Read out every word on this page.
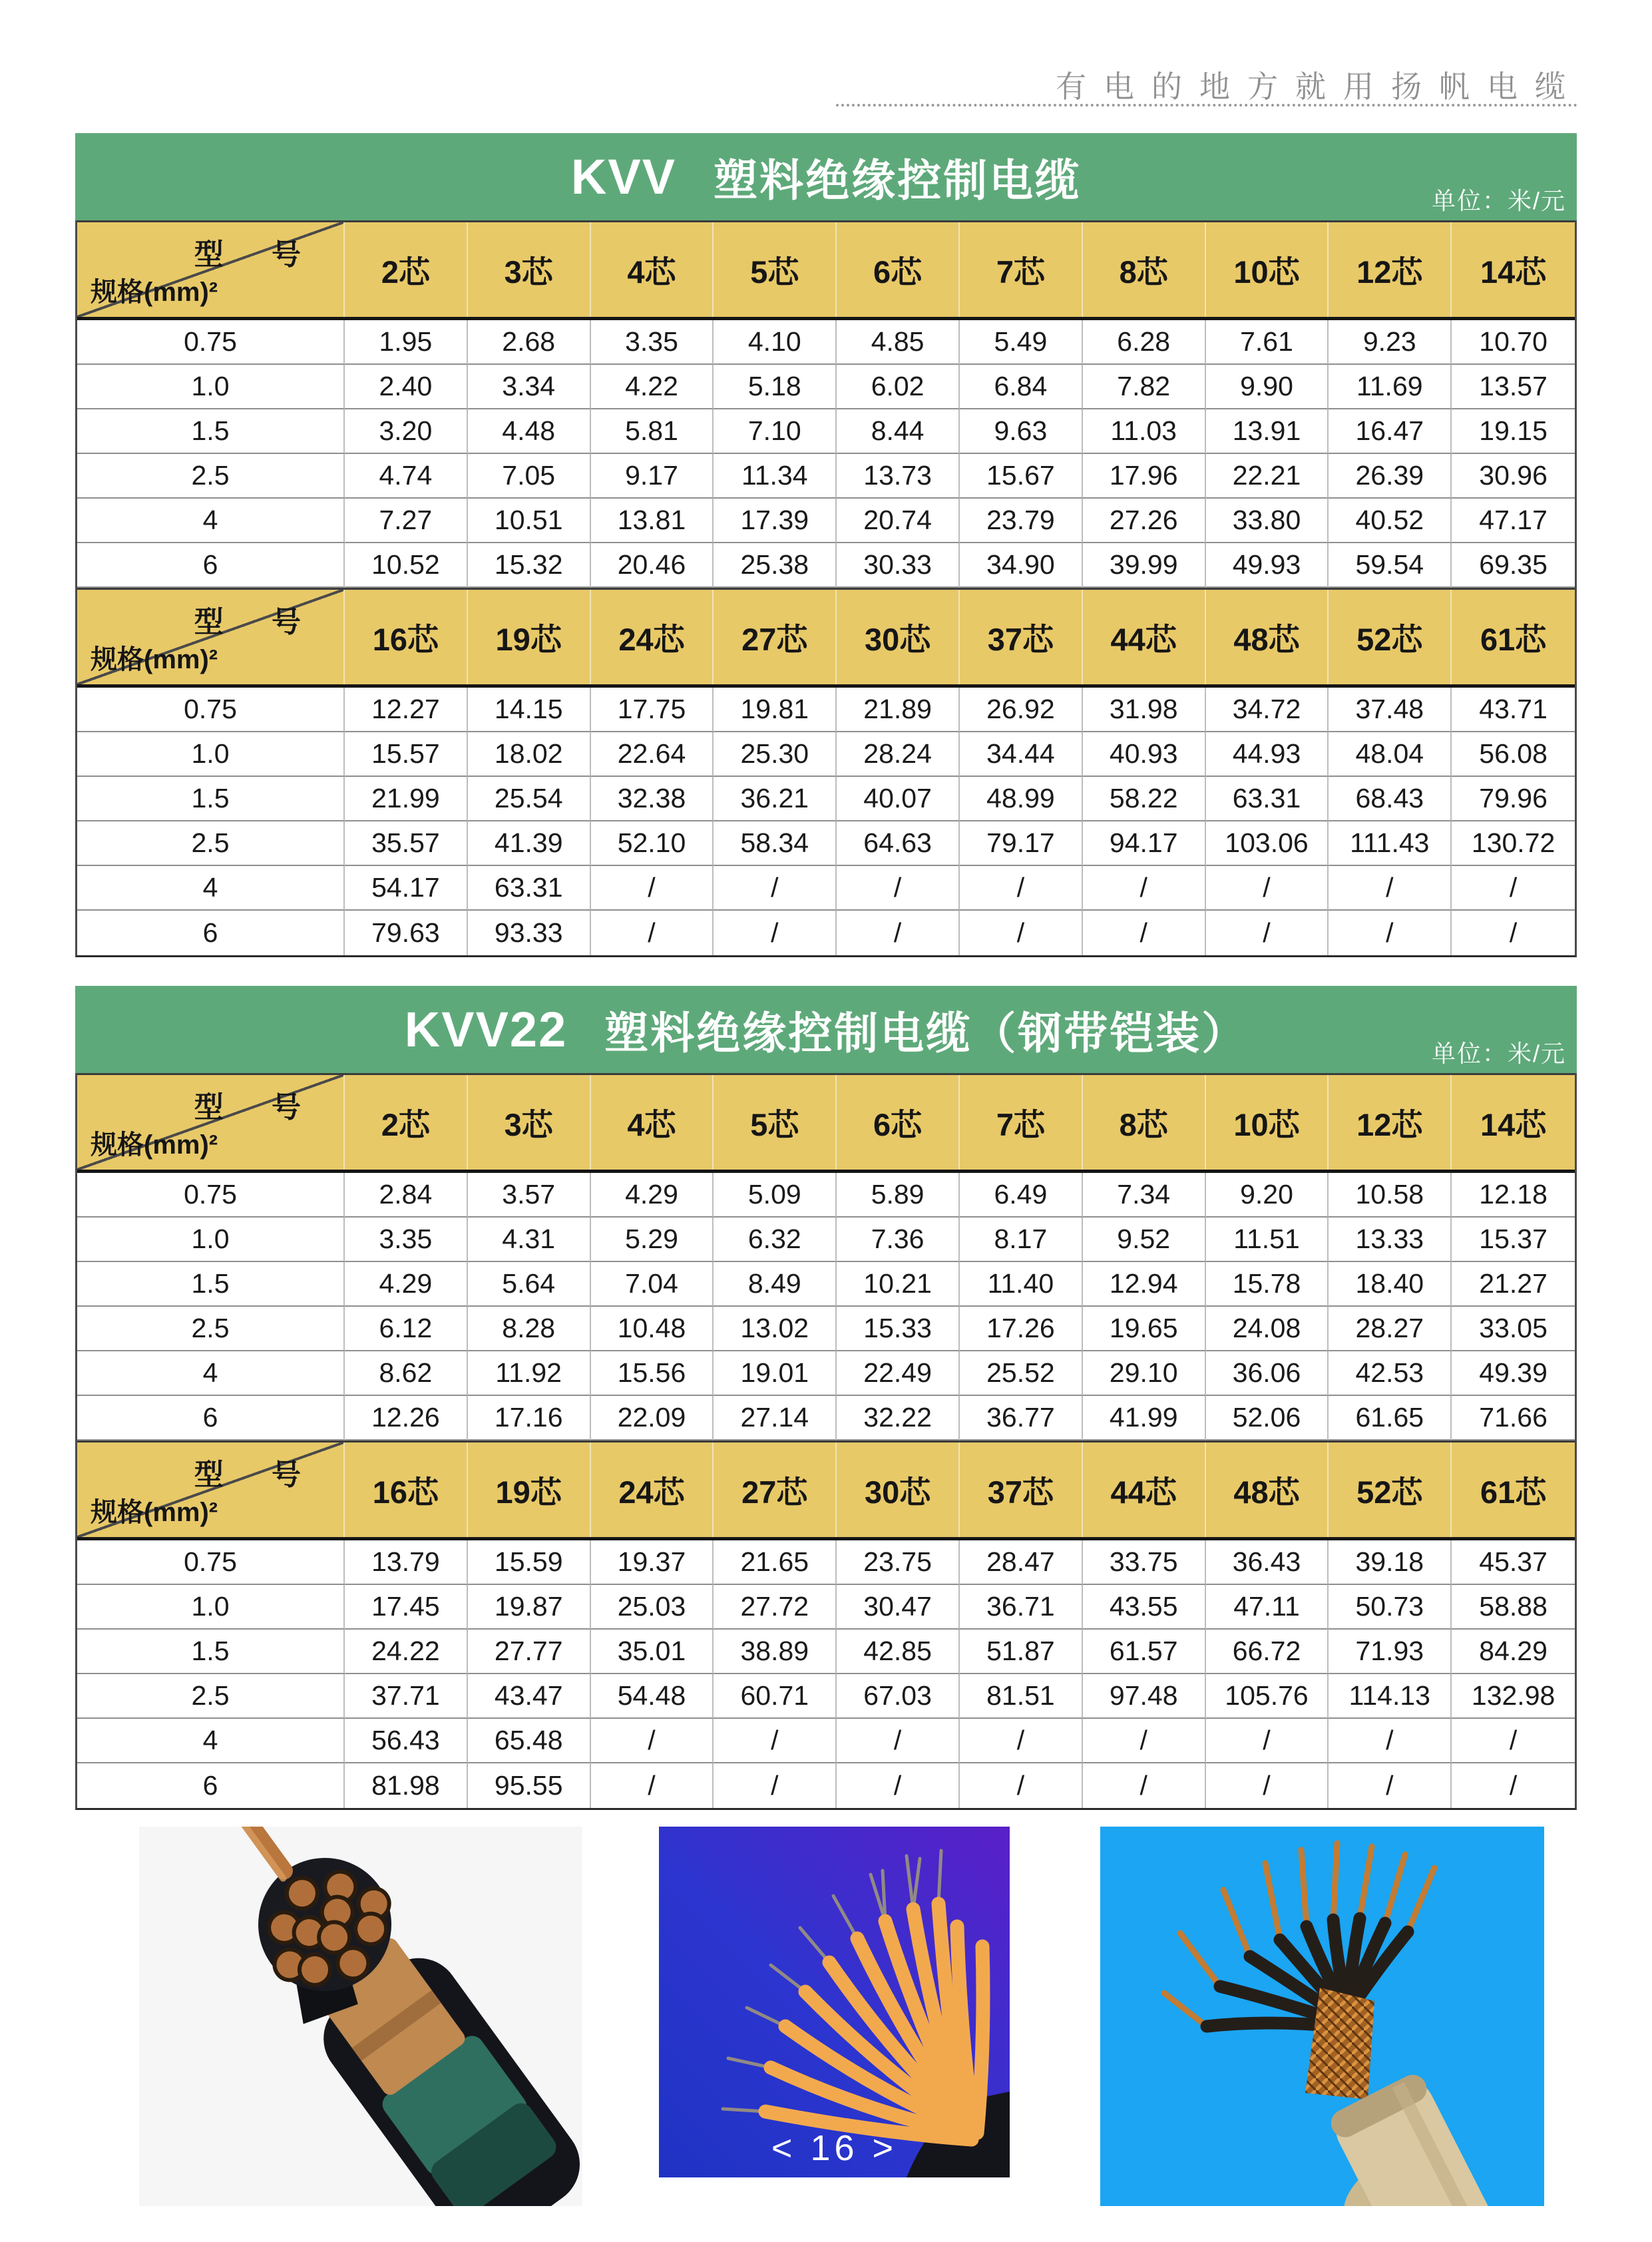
有电的地方就用扬帆电缆
KVV 塑料绝缘控制电缆	单位：米/元
型 号
规格(mm)²
2芯	3芯	4芯	5芯	6芯	7芯	8芯	10芯	12芯	14芯
0.75	1.95	2.68	3.35	4.10	4.85	5.49	6.28	7.61	9.23	10.70
1.0	2.40	3.34	4.22	5.18	6.02	6.84	7.82	9.90	11.69	13.57
1.5	3.20	4.48	5.81	7.10	8.44	9.63	11.03	13.91	16.47	19.15
2.5	4.74	7.05	9.17	11.34	13.73	15.67	17.96	22.21	26.39	30.96
4	7.27	10.51	13.81	17.39	20.74	23.79	27.26	33.80	40.52	47.17
6	10.52	15.32	20.46	25.38	30.33	34.90	39.99	49.93	59.54	69.35
型 号
规格(mm)²
16芯	19芯	24芯	27芯	30芯	37芯	44芯	48芯	52芯	61芯
0.75	12.27	14.15	17.75	19.81	21.89	26.92	31.98	34.72	37.48	43.71
1.0	15.57	18.02	22.64	25.30	28.24	34.44	40.93	44.93	48.04	56.08
1.5	21.99	25.54	32.38	36.21	40.07	48.99	58.22	63.31	68.43	79.96
2.5	35.57	41.39	52.10	58.34	64.63	79.17	94.17	103.06	111.43	130.72
4	54.17	63.31	/	/	/	/	/	/	/	/
6	79.63	93.33	/	/	/	/	/	/	/	/
KVV22 塑料绝缘控制电缆（钢带铠装）	单位：米/元
型 号
规格(mm)²
2芯	3芯	4芯	5芯	6芯	7芯	8芯	10芯	12芯	14芯
0.75	2.84	3.57	4.29	5.09	5.89	6.49	7.34	9.20	10.58	12.18
1.0	3.35	4.31	5.29	6.32	7.36	8.17	9.52	11.51	13.33	15.37
1.5	4.29	5.64	7.04	8.49	10.21	11.40	12.94	15.78	18.40	21.27
2.5	6.12	8.28	10.48	13.02	15.33	17.26	19.65	24.08	28.27	33.05
4	8.62	11.92	15.56	19.01	22.49	25.52	29.10	36.06	42.53	49.39
6	12.26	17.16	22.09	27.14	32.22	36.77	41.99	52.06	61.65	71.66
型 号
规格(mm)²
16芯	19芯	24芯	27芯	30芯	37芯	44芯	48芯	52芯	61芯
0.75	13.79	15.59	19.37	21.65	23.75	28.47	33.75	36.43	39.18	45.37
1.0	17.45	19.87	25.03	27.72	30.47	36.71	43.55	47.11	50.73	58.88
1.5	24.22	27.77	35.01	38.89	42.85	51.87	61.57	66.72	71.93	84.29
2.5	37.71	43.47	54.48	60.71	67.03	81.51	97.48	105.76	114.13	132.98
4	56.43	65.48	/	/	/	/	/	/	/	/
6	81.98	95.55	/	/	/	/	/	/	/	/
< 16 >
